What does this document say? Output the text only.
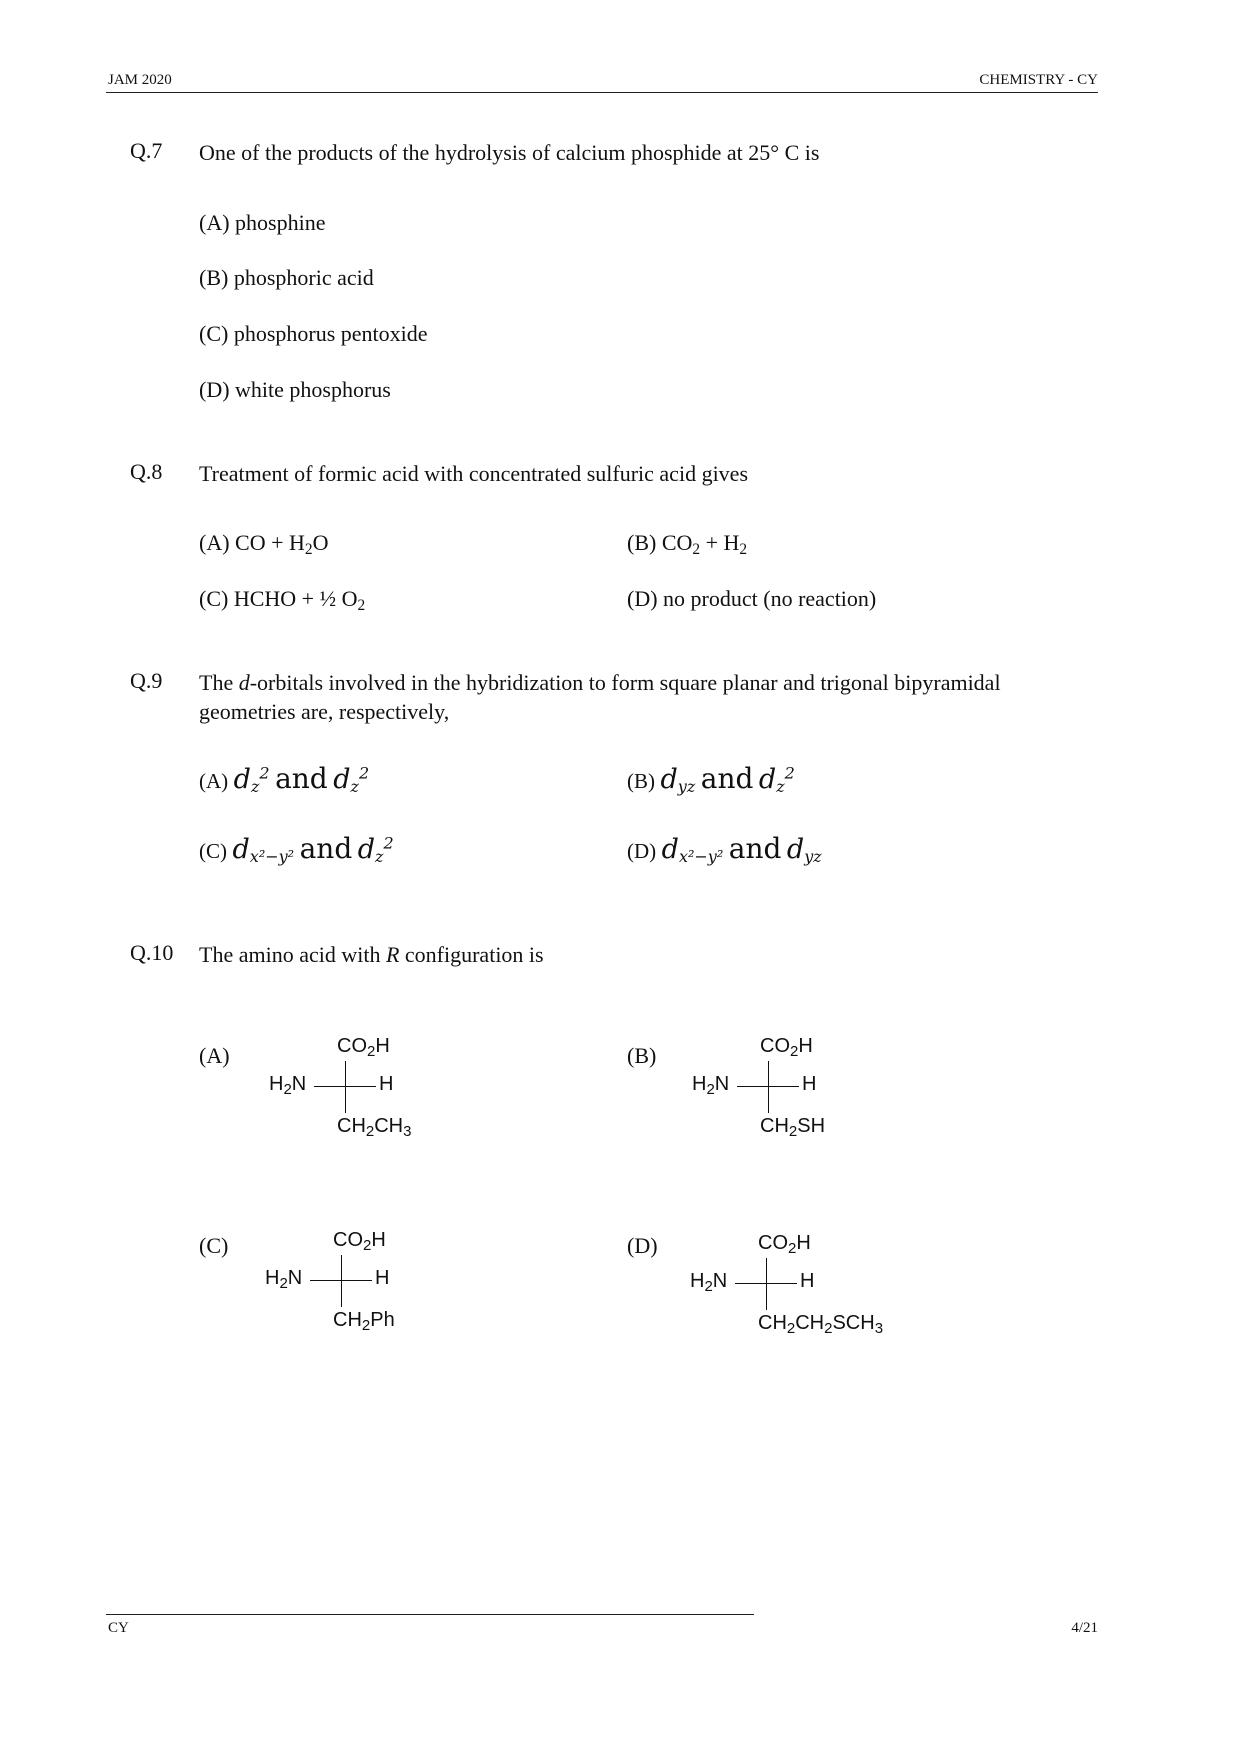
JAM 2020	CHEMISTRY - CY
Q.7 One of the products of the hydrolysis of calcium phosphide at 25° C is
(A) phosphine
(B) phosphoric acid
(C) phosphorus pentoxide
(D) white phosphorus
Q.8 Treatment of formic acid with concentrated sulfuric acid gives
(A) CO + $H_2O$	(B) $CO_2 + H_2$
(C) HCHO + ½ $O_2$	(D) no product (no reaction)
Q.9 The d-orbitals involved in the hybridization to form square planar and trigonal bipyramidal geometries are, respectively,
(A) $d_z^2$ and $d_z^2$	(B) $d_{yz}$ and $d_z^2$
(C) $d_{x^2-y^2}$ and $d_z^2$	(D) $d_{x^2-y^2}$ and $d_{yz}$
Q.10 The amino acid with R configuration is
(A)	$CO_2H$
$H_2N$	H
$CH_2CH_3$
(B)	$CO_2H$
$H_2N$	H
$CH_2SH$
(C)	$CO_2H$
$H_2N$	H
$CH_2Ph$
(D)	$CO_2H$
$H_2N$	H
$CH_2CH_2SCH_3$
CY	4/21
